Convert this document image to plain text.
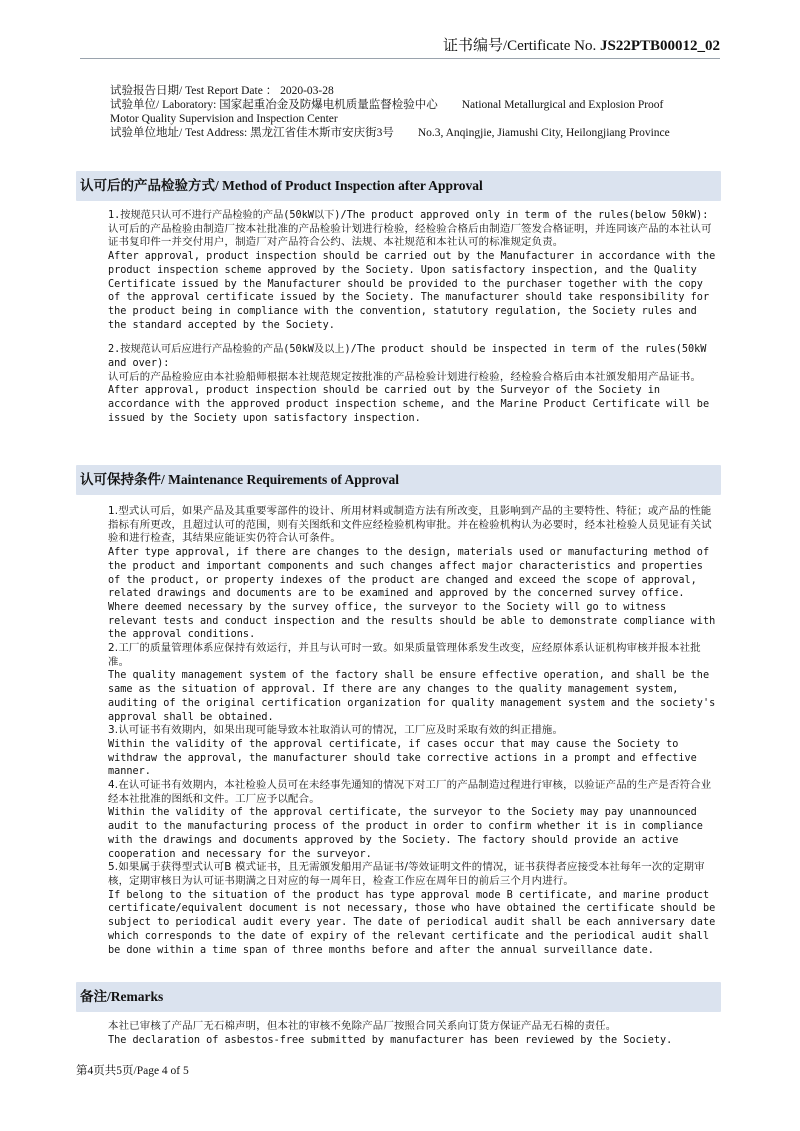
证书编号/Certificate No. JS22PTB00012_02
试验报告日期/ Test Report Date ： 2020-03-28
试验单位/ Laboratory: 国家起重冶金及防爆电机质量监督检验中心 National Metallurgical and Explosion Proof
Motor Quality Supervision and Inspection Center
试验单位地址/ Test Address: 黑龙江省佳木斯市安庆街3号 No.3, Anqingjie, Jiamushi City, Heilongjiang Province
认可后的产品检验方式/ Method of Product Inspection after Approval
1.按规范只认可不进行产品检验的产品(50kW以下)/The product approved only in term of the rules(below 50kW):
认可后的产品检验由制造厂按本社批准的产品检验计划进行检验，经检验合格后由制造厂签发合格证明，并连同该产品的本社认可证书复印件一并交付用户，制造厂对产品符合公约、法规、本社规范和本社认可的标准规定负责。
After approval, product inspection should be carried out by the Manufacturer in accordance with the product inspection scheme approved by the Society. Upon satisfactory inspection, and the Quality Certificate issued by the Manufacturer should be provided to the purchaser together with the copy of the approval certificate issued by the Society. The manufacturer should take responsibility for the product being in compliance with the convention, statutory regulation, the Society rules and the standard accepted by the Society.
2.按规范认可后应进行产品检验的产品(50kW及以上)/The product should be inspected in term of the rules(50kW and over):
认可后的产品检验应由本社验船师根据本社规范规定按批准的产品检验计划进行检验，经检验合格后由本社颁发船用产品证书。
After approval, product inspection should be carried out by the Surveyor of the Society in accordance with the approved product inspection scheme, and the Marine Product Certificate will be issued by the Society upon satisfactory inspection.
认可保持条件/ Maintenance Requirements of Approval
1.型式认可后，如果产品及其重要零部件的设计、所用材料或制造方法有所改变，且影响到产品的主要特性、特征；或产品的性能指标有所更改，且超过认可的范围，则有关图纸和文件应经检验机构审批。并在检验机构认为必要时，经本社检验人员见证有关试验和进行检查，其结果应能证实仍符合认可条件。
After type approval, if there are changes to the design, materials used or manufacturing method of the product and important components and such changes affect major characteristics and properties of the product, or property indexes of the product are changed and exceed the scope of approval, related drawings and documents are to be examined and approved by the concerned survey office. Where deemed necessary by the survey office, the surveyor to the Society will go to witness relevant tests and conduct inspection and the results should be able to demonstrate compliance with the approval conditions.
2.工厂的质量管理体系应保持有效运行，并且与认可时一致。如果质量管理体系发生改变，应经原体系认证机构审核并报本社批准。
The quality management system of the factory shall be ensure effective operation, and shall be the same as the situation of approval. If there are any changes to the quality management system, auditing of the original certification organization for quality management system and the society's approval shall be obtained.
3.认可证书有效期内，如果出现可能导致本社取消认可的情况，工厂应及时采取有效的纠正措施。
Within the validity of the approval certificate, if cases occur that may cause the Society to withdraw the approval, the manufacturer should take corrective actions in a prompt and effective manner.
4.在认可证书有效期内，本社检验人员可在未经事先通知的情况下对工厂的产品制造过程进行审核，以验证产品的生产是否符合业经本社批准的图纸和文件。工厂应予以配合。
Within the validity of the approval certificate, the surveyor to the Society may pay unannounced audit to the manufacturing process of the product in order to confirm whether it is in compliance with the drawings and documents approved by the Society. The factory should provide an active cooperation and necessary for the surveyor.
5.如果属于获得型式认可B 模式证书，且无需颁发船用产品证书/等效证明文件的情况，证书获得者应接受本社每年一次的定期审核，定期审核日为认可证书期满之日对应的每一周年日，检查工作应在周年日的前后三个月内进行。
If belong to the situation of the product has type approval mode B certificate, and marine product certificate/equivalent document is not necessary, those who have obtained the certificate should be subject to periodical audit every year. The date of periodical audit shall be each anniversary date which corresponds to the date of expiry of the relevant certificate and the periodical audit shall be done within a time span of three months before and after the annual surveillance date.
备注/Remarks
本社已审核了产品厂无石棉声明，但本社的审核不免除产品厂按照合同关系向订货方保证产品无石棉的责任。
The declaration of asbestos-free submitted by manufacturer has been reviewed by the Society.
第4页共5页/Page 4 of 5
